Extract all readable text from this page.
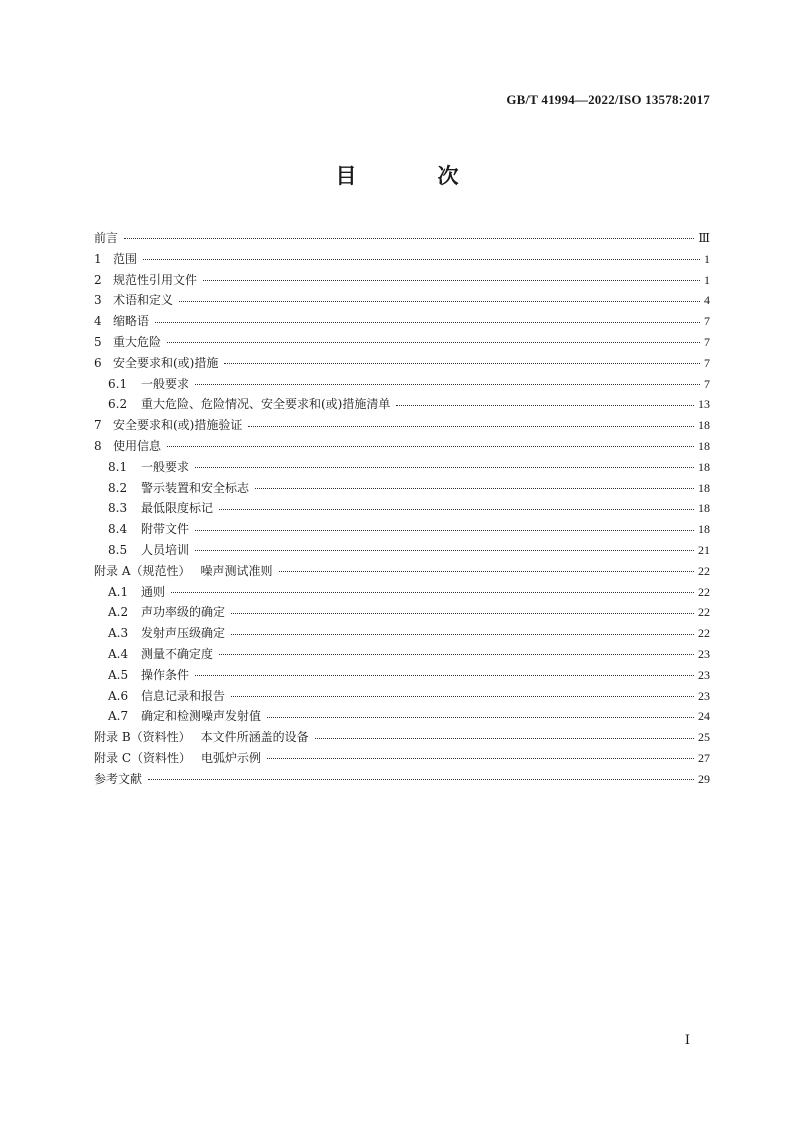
GB/T 41994—2022/ISO 13578:2017
目　次
前言	Ⅲ
1 范围	1
2 规范性引用文件	1
3 术语和定义	4
4 缩略语	7
5 重大危险	7
6 安全要求和(或)措施	7
6.1	一般要求	7
6.2	重大危险、危险情况、安全要求和(或)措施清单	13
7 安全要求和(或)措施验证	18
8 使用信息	18
8.1	一般要求	18
8.2	警示装置和安全标志	18
8.3	最低限度标记	18
8.4	附带文件	18
8.5	人员培训	21
附录 A（规范性） 噪声测试准则	22
A.1	通则	22
A.2	声功率级的确定	22
A.3	发射声压级确定	22
A.4	测量不确定度	23
A.5	操作条件	23
A.6	信息记录和报告	23
A.7	确定和检测噪声发射值	24
附录 B（资料性） 本文件所涵盖的设备	25
附录 C（资料性） 电弧炉示例	27
参考文献	29
Ⅰ
